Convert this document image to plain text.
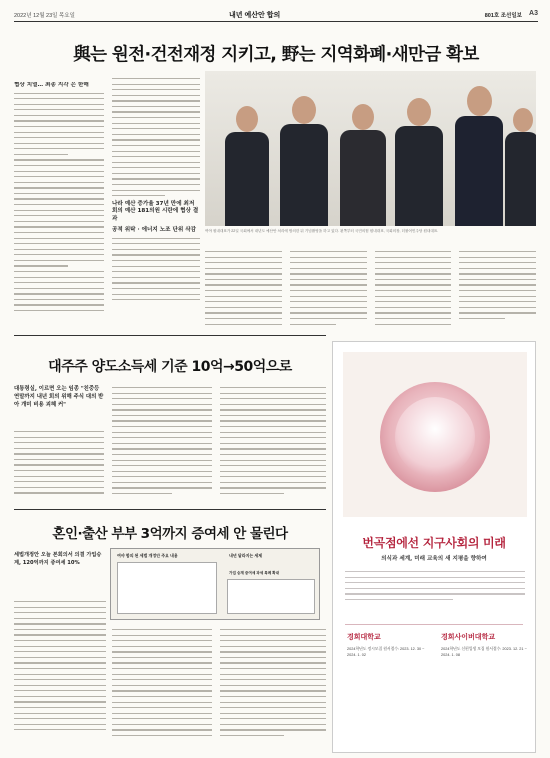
2022년 12월 23일 목요일	내년 예산안 합의	801호 조선일보 A3
與는 원전·건전재정 지키고, 野는 지역화폐·새만금 확보
협상 치열… 최종 지각 은 한해
나라 예산 증가율 37년 만에 최저 회의 예산 181의원 시란에 협상 결과
공적 위탁 · 에너지 노조 단위 삭감	여야 원내대표가 22일 국회에서 내년도 예산안 처리에 합의한 뒤 기념촬영을 하고 있다. 왼쪽부터 국민의힘 원내대표, 국회의장, 더불어민주당 원내대표.
대주주 양도소득세 기준 10억→50억으로
대통령실, 이르면 오는 임종 "친중등 연말까지 내년 회의 위해 주식 대의 받아 개미 비용 괴혜 커"
혼인·출산 부부 3억까지 증여세 안 물린다
세법개정안 오늘 본회의서 의결 가업승계, 120억까지 증여세 10%
여야 합의 된 세법 개정안 주요 내용	내년 달라지는 세제
가업 승계 증여세 과세 특례 확대
번곡점에선 지구사회의 미래
의식과 세계, 미래 교육의 새 지평을 향하여
경희대학교	경희사이버대학교
2024학년도 정시모집 원서접수: 2023. 12. 30 ~ 2024. 1. 02
2024학년도 신편입생 모집 원서접수: 2023. 12. 21 ~ 2024. 1. 08
